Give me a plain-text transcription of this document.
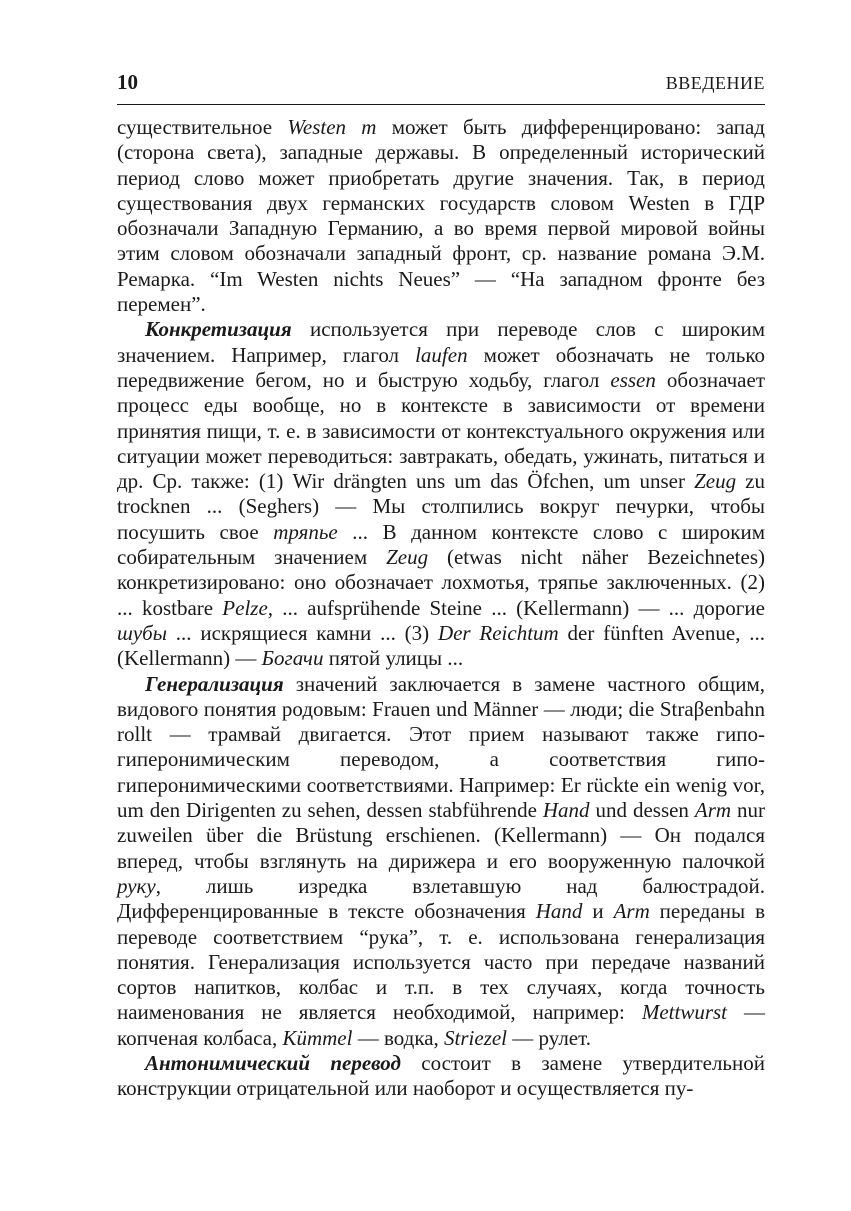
10	ВВЕДЕНИЕ

существительное Westen m может быть дифференцировано: запад (сторона света), западные державы. В определенный исторический период слово может приобретать другие значения. Так, в период существования двух германских государств словом Westen в ГДР обозначали Западную Германию, а во время первой мировой войны этим словом обозначали западный фронт, ср. название романа Э.М. Ремарка. “Im Westen nichts Neues” — “На западном фронте без перемен”.

Конкретизация используется при переводе слов с широким значением. Например, глагол laufen может обозначать не только передвижение бегом, но и быструю ходьбу, глагол essen обозначает процесс еды вообще, но в контексте в зависимости от времени принятия пищи, т. е. в зависимости от контекстуального окружения или ситуации может переводиться: завтракать, обедать, ужинать, питаться и др. Ср. также: (1) Wir drängten uns um das Öfchen, um unser Zeug zu trocknen ... (Seghers) — Мы столпились вокруг печурки, чтобы посушить свое тряпье ... В данном контексте слово с широким собирательным значением Zeug (etwas nicht näher Bezeichnetes) конкретизировано: оно обозначает лохмотья, тряпье заключенных. (2) ... kostbare Pelze, ... aufsprühende Steine ... (Kellermann) — ... дорогие шубы ... искрящиеся камни ... (3) Der Reichtum der fünften Avenue, ... (Kellermann) — Богачи пятой улицы ...

Генерализация значений заключается в замене частного общим, видового понятия родовым: Frauen und Männer — люди; die Straβenbahn rollt — трамвай двигается. Этот прием называют также гипо-гиперонимическим переводом, а соответствия гипо-гиперонимическими соответствиями. Например: Er rückte ein wenig vor, um den Dirigenten zu sehen, dessen stabführende Hand und dessen Arm nur zuweilen über die Brüstung erschienen. (Kellermann) — Он подался вперед, чтобы взглянуть на дирижера и его вооруженную палочкой руку, лишь изредка взлетавшую над балюстрадой. Дифференцированные в тексте обозначения Hand и Arm переданы в переводе соответствием “рука”, т. е. использована генерализация понятия. Генерализация используется часто при передаче названий сортов напитков, колбас и т.п. в тех случаях, когда точность наименования не является необходимой, например: Mettwurst — копченая колбаса, Kümmel — водка, Striezel — рулет.

Антонимический перевод состоит в замене утвердительной конструкции отрицательной или наоборот и осуществляется пу-
